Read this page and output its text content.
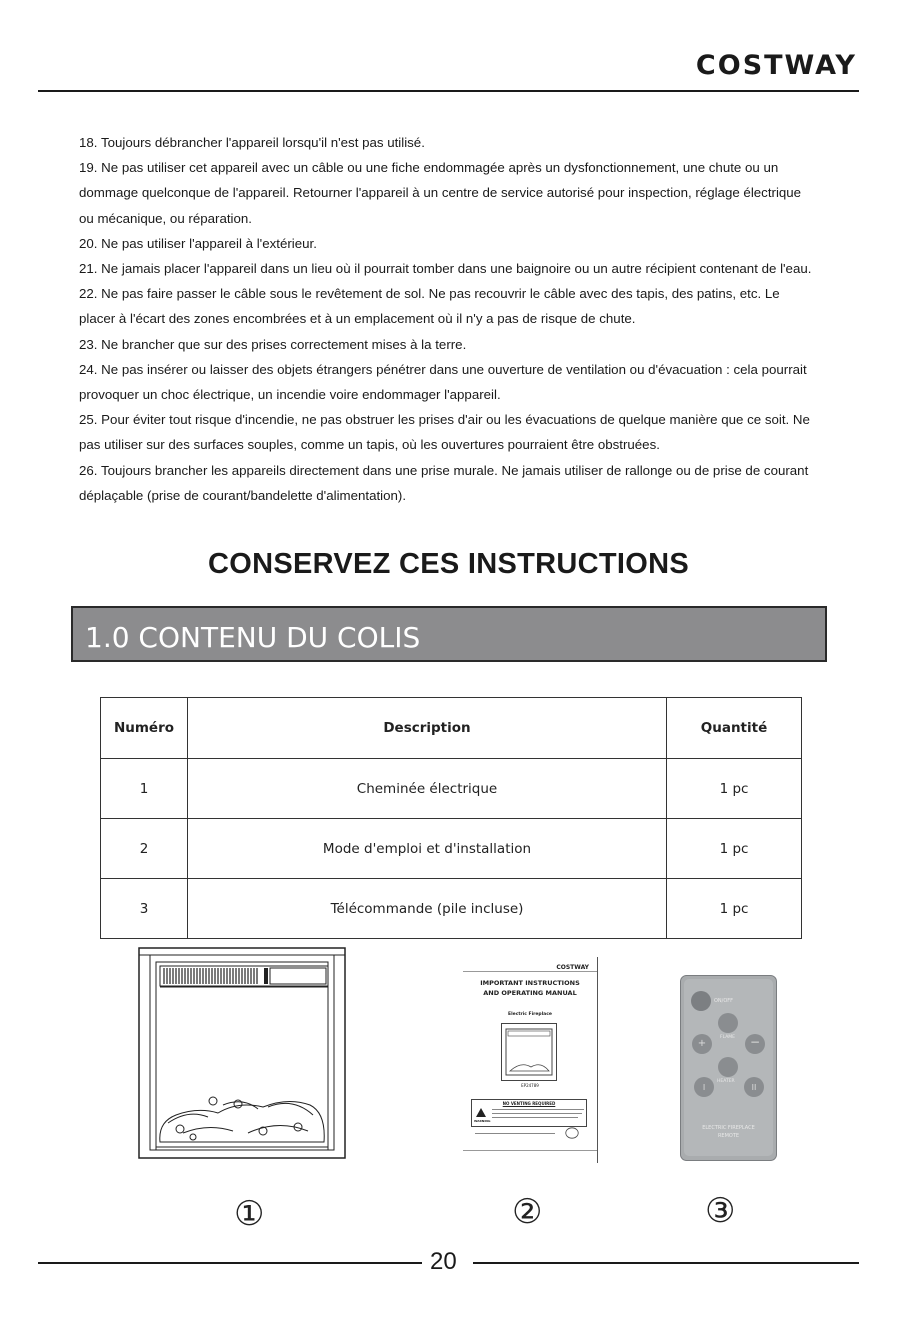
COSTWAY
18. Toujours débrancher l'appareil lorsqu'il n'est pas utilisé.
19. Ne pas utiliser cet appareil avec un câble ou une fiche endommagée après un dysfonctionnement, une chute ou un dommage quelconque de l'appareil. Retourner l'appareil à un centre de service autorisé pour inspection, réglage électrique ou mécanique, ou réparation.
20. Ne pas utiliser l'appareil à l'extérieur.
21. Ne jamais placer l'appareil dans un lieu où il pourrait tomber dans une baignoire ou un autre récipient contenant de l'eau.
22. Ne pas faire passer le câble sous le revêtement de sol. Ne pas recouvrir le câble avec des tapis, des patins, etc. Le placer à l'écart des zones encombrées et à un emplacement où il n'y a pas de risque de chute.
23. Ne brancher que sur des prises correctement mises à la terre.
24. Ne pas insérer ou laisser des objets étrangers pénétrer dans une ouverture de ventilation ou d'évacuation : cela pourrait provoquer un choc électrique, un incendie voire endommager l'appareil.
25. Pour éviter tout risque d'incendie, ne pas obstruer les prises d'air ou les évacuations de quelque manière que ce soit. Ne pas utiliser sur des surfaces souples, comme un tapis, où les ouvertures pourraient être obstruées.
26. Toujours brancher les appareils directement dans une prise murale. Ne jamais utiliser de rallonge ou de prise de courant déplaçable (prise de courant/bandelette d'alimentation).
CONSERVEZ CES INSTRUCTIONS
1.0 CONTENU DU COLIS
Numéro	Description	Quantité
1	Cheminée électrique	1 pc
2	Mode d'emploi et d'installation	1 pc
3	Télécommande (pile incluse)	1 pc
COSTWAY
IMPORTANT INSTRUCTIONS
AND OPERATING MANUAL
Electric Fireplace
EP24789
NO VENTING REQUIRED
WARNING
+	−
I	II
ON/OFF
FLAME
HEATER
ELECTRIC FIREPLACE
REMOTE
①	②	③
20
